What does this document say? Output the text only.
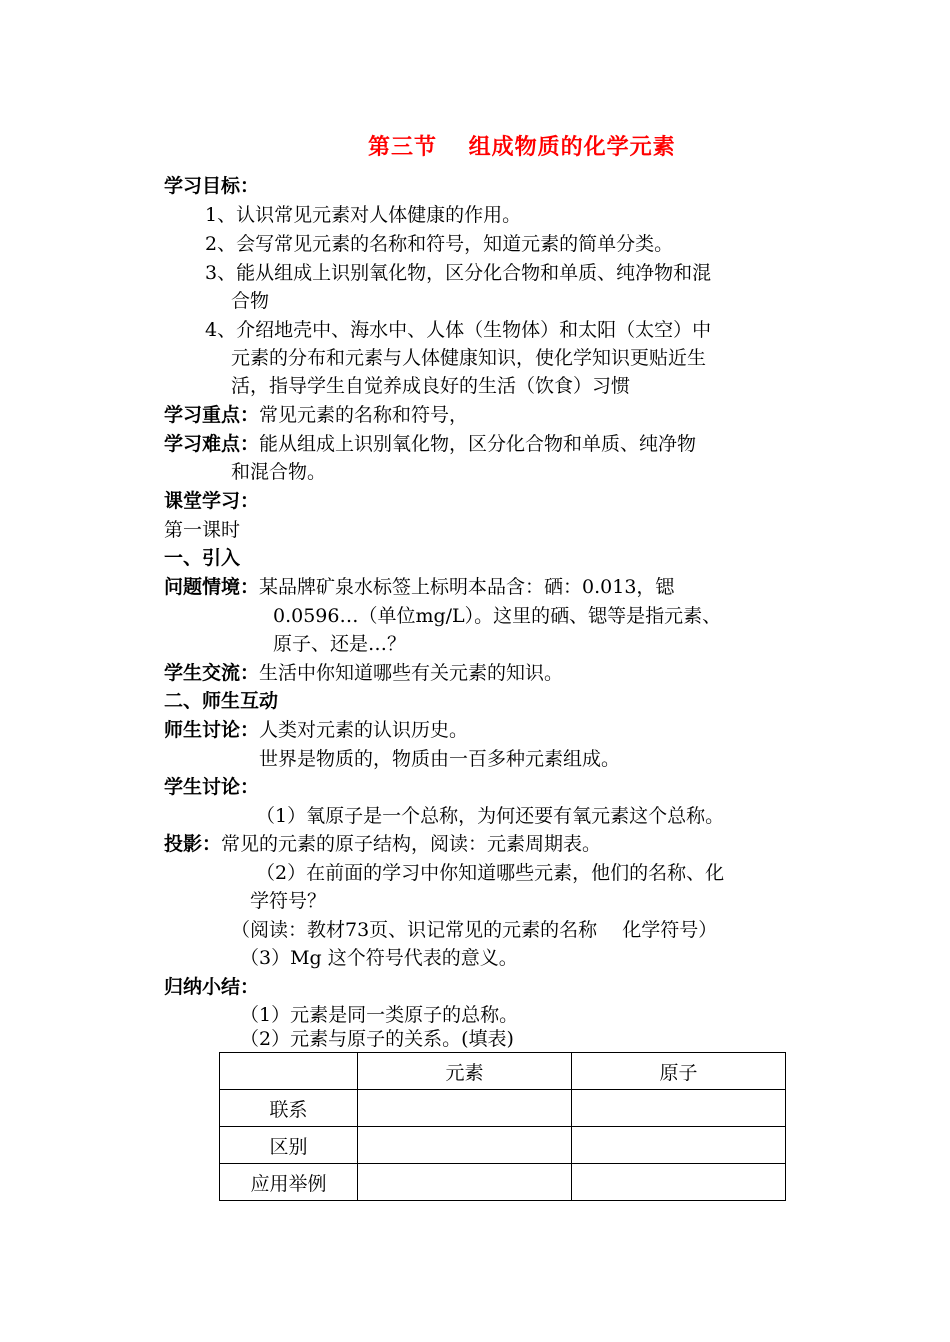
第三节　 组成物质的化学元素
学习目标：
1、认识常见元素对人体健康的作用。
2、会写常见元素的名称和符号，知道元素的简单分类。
3、能从组成上识别氧化物，区分化合物和单质、纯净物和混
合物
4、介绍地壳中、海水中、人体（生物体）和太阳（太空）中
元素的分布和元素与人体健康知识，使化学知识更贴近生
活，指导学生自觉养成良好的生活（饮食）习惯
学习重点：常见元素的名称和符号，
学习难点：能从组成上识别氧化物，区分化合物和单质、纯净物
和混合物。
课堂学习：
第一课时
一、引入
问题情境：某品牌矿泉水标签上标明本品含：硒：0.013，锶
0.0596…（单位mg/L）。这里的硒、锶等是指元素、
原子、还是…？
学生交流：生活中你知道哪些有关元素的知识。
二、师生互动
师生讨论：人类对元素的认识历史。
世界是物质的，物质由一百多种元素组成。
学生讨论：
（1）氧原子是一个总称，为何还要有氧元素这个总称。
投影：常见的元素的原子结构，阅读：元素周期表。
（2）在前面的学习中你知道哪些元素，他们的名称、化
学符号？
（阅读：教材73页、识记常见的元素的名称　 化学符号）
（3）Mg 这个符号代表的意义。
归纳小结：
（1）元素是同一类原子的总称。
（2）元素与原子的关系。(填表)
	元素	原子
联系		
区别		
应用举例		
